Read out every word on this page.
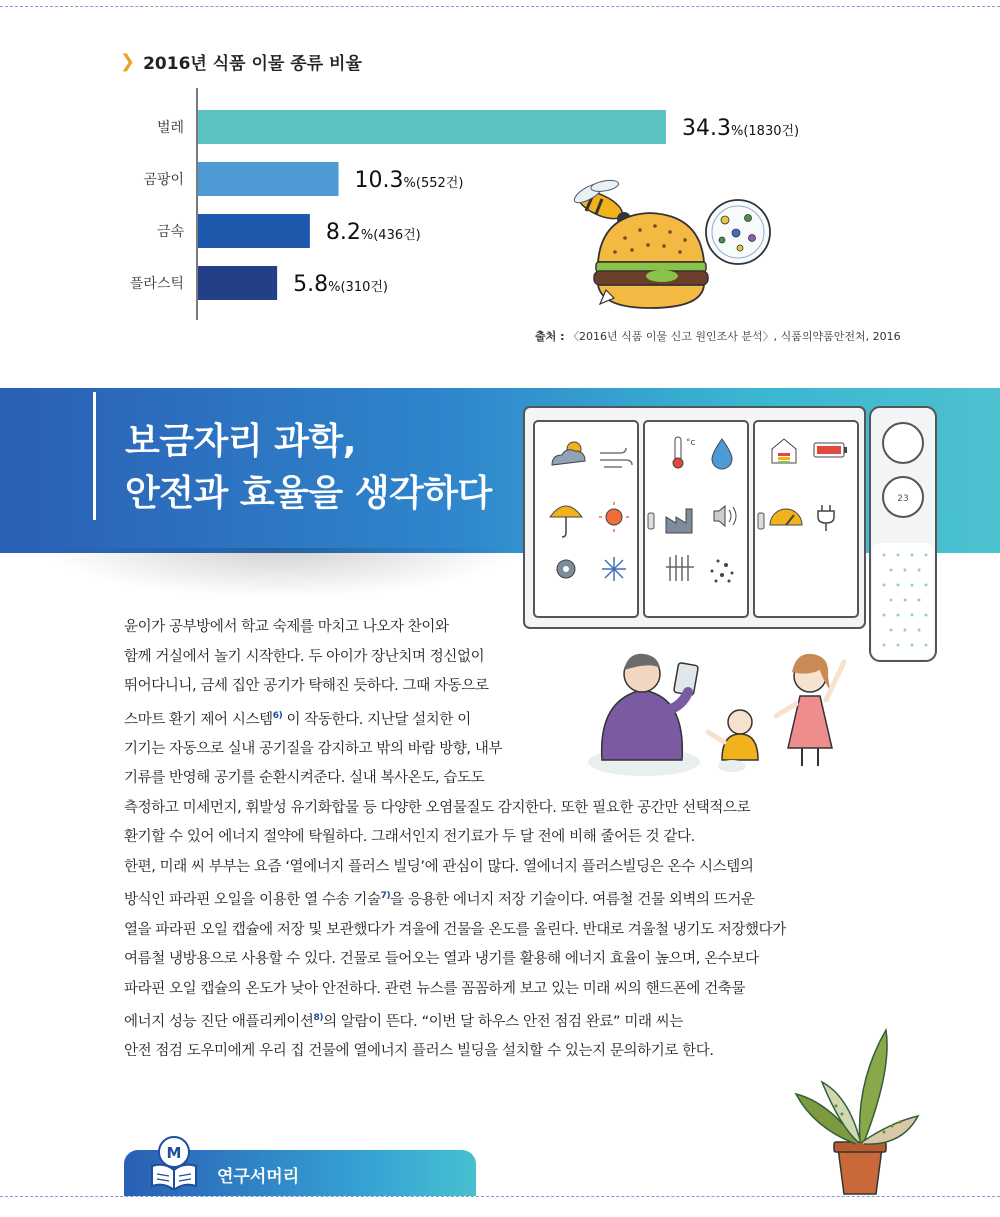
❯ 2016년 식품 이물 종류 비율
벌레	34.3%(1830건)
곰팡이	10.3%(552건)
금속	8.2%(436건)
플라스틱	5.8%(310건)
출처 : 〈2016년 식품 이물 신고 원인조사 분석〉, 식품의약품안전처, 2016
보금자리 과학,
안전과 효율을 생각하다
°c
23

윤이가 공부방에서 학교 숙제를 마치고 나오자 찬이와

함께 거실에서 놀기 시작한다. 두 아이가 장난치며 정신없이

뛰어다니니, 금세 집안 공기가 탁해진 듯하다. 그때 자동으로

스마트 환기 제어 시스템$^{6)}$ 이 작동한다. 지난달 설치한 이

기기는 자동으로 실내 공기질을 감지하고 밖의 바람 방향, 내부

기류를 반영해 공기를 순환시켜준다. 실내 복사온도, 습도도

측정하고 미세먼지, 휘발성 유기화합물 등 다양한 오염물질도 감지한다. 또한 필요한 공간만 선택적으로

환기할 수 있어 에너지 절약에 탁월하다. 그래서인지 전기료가 두 달 전에 비해 줄어든 것 같다.

한편, 미래 씨 부부는 요즘 ‘열에너지 플러스 빌딩’에 관심이 많다. 열에너지 플러스빌딩은 온수 시스템의

방식인 파라핀 오일을 이용한 열 수송 기술$^{7)}$을 응용한 에너지 저장 기술이다. 여름철 건물 외벽의 뜨거운

열을 파라핀 오일 캡슐에 저장 및 보관했다가 겨울에 건물을 온도를 올린다. 반대로 겨울철 냉기도 저장했다가

여름철 냉방용으로 사용할 수 있다. 건물로 들어오는 열과 냉기를 활용해 에너지 효율이 높으며, 온수보다

파라핀 오일 캡슐의 온도가 낮아 안전하다. 관련 뉴스를 꼼꼼하게 보고 있는 미래 씨의 핸드폰에 건축물

에너지 성능 진단 애플리케이션$^{8)}$의 알람이 뜬다. “이번 달 하우스 안전 점검 완료” 미래 씨는

안전 점검 도우미에게 우리 집 건물에 열에너지 플러스 빌딩을 설치할 수 있는지 문의하기로 한다.

M
연구서머리
